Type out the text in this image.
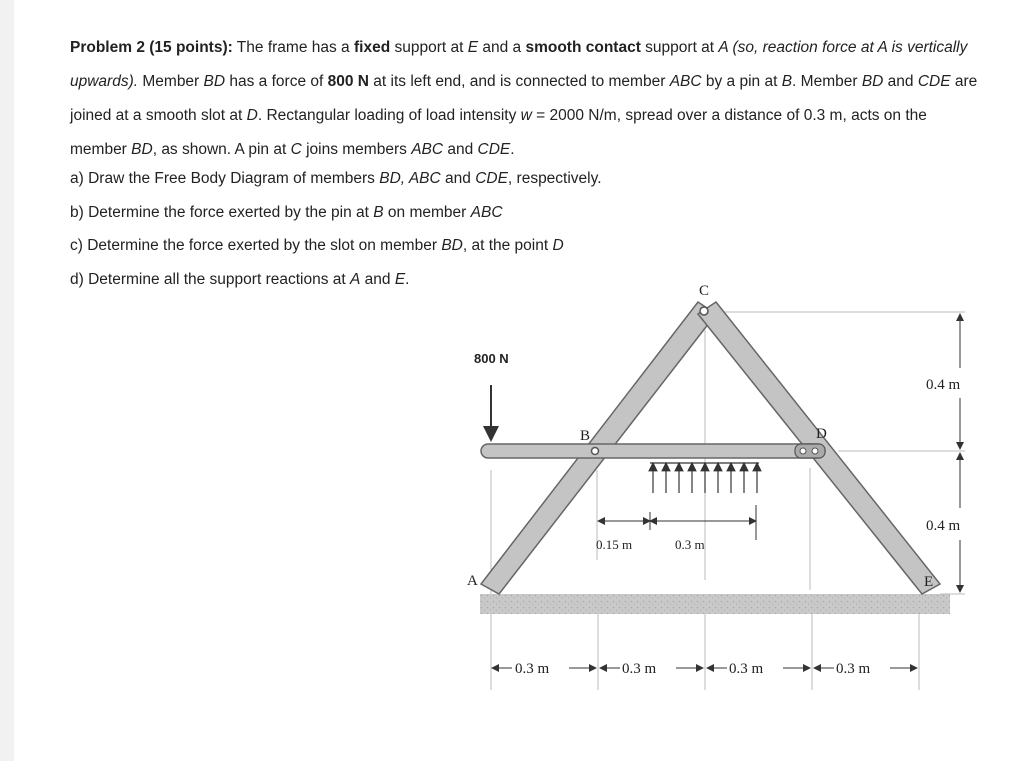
Problem 2 (15 points): The frame has a fixed support at E and a smooth contact support at A (so, reaction force at A is vertically upwards). Member BD has a force of 800 N at its left end, and is connected to member ABC by a pin at B. Member BD and CDE are joined at a smooth slot at D. Rectangular loading of load intensity w = 2000 N/m, spread over a distance of 0.3 m, acts on the member BD, as shown. A pin at C joins members ABC and CDE.

a) Draw the Free Body Diagram of members BD, ABC and CDE, respectively.
b) Determine the force exerted by the pin at B on member ABC
c) Determine the force exerted by the slot on member BD, at the point D
d) Determine all the support reactions at A and E.
800 N
A
B
C
D
E
0.4 m
0.4 m
0.15 m	0.3 m
0.3 m	0.3 m	0.3 m	0.3 m
